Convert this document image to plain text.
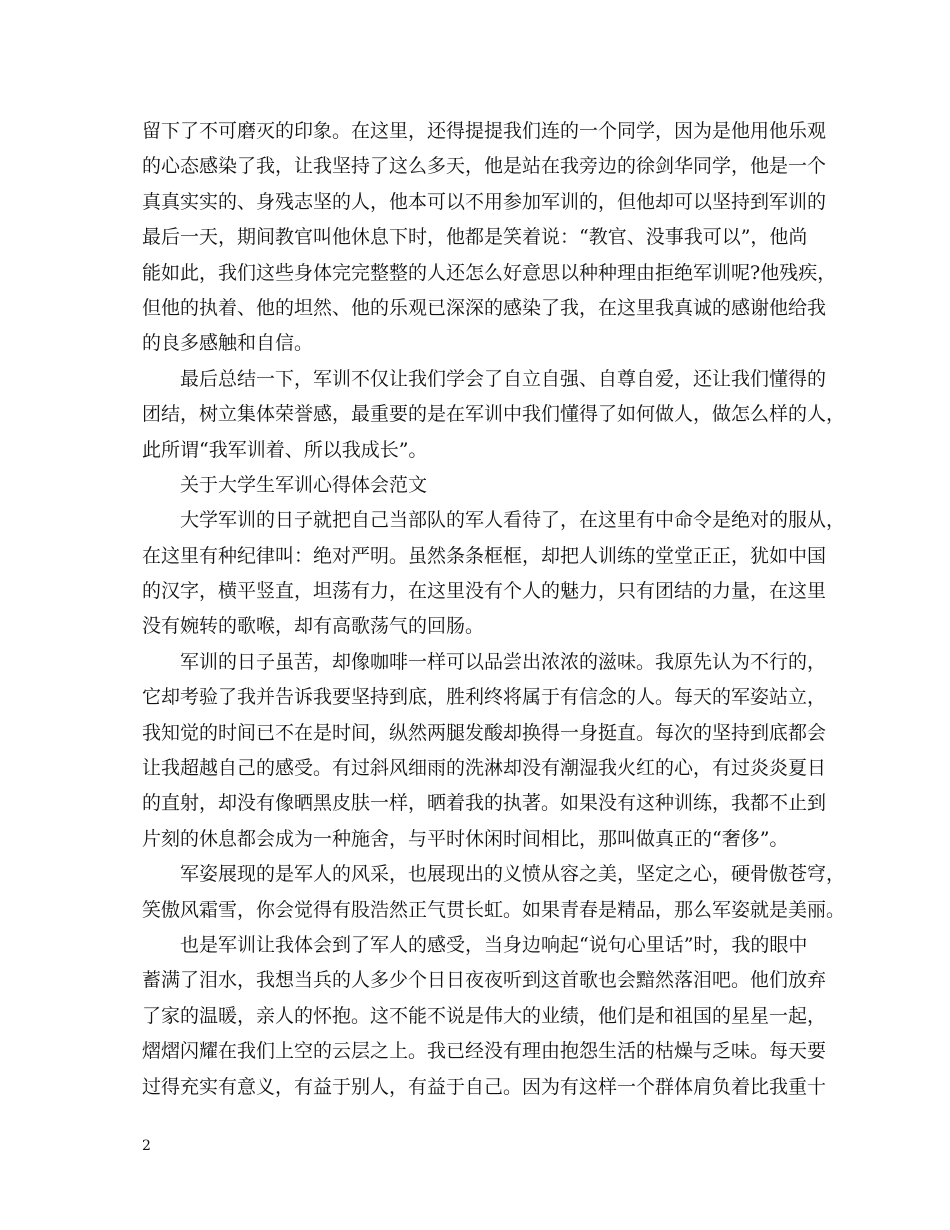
留下了不可磨灭的印象。在这里，还得提提我们连的一个同学，因为是他用他乐观
的心态感染了我，让我坚持了这么多天，他是站在我旁边的徐剑华同学，他是一个
真真实实的、身残志坚的人，他本可以不用参加军训的，但他却可以坚持到军训的
最后一天，期间教官叫他休息下时，他都是笑着说：“教官、没事我可以”，他尚
能如此，我们这些身体完完整整的人还怎么好意思以种种理由拒绝军训呢?他残疾，
但他的执着、他的坦然、他的乐观已深深的感染了我，在这里我真诚的感谢他给我
的良多感触和自信。
最后总结一下，军训不仅让我们学会了自立自强、自尊自爱，还让我们懂得的
团结，树立集体荣誉感，最重要的是在军训中我们懂得了如何做人，做怎么样的人，
此所谓“我军训着、所以我成长”。
关于大学生军训心得体会范文
大学军训的日子就把自己当部队的军人看待了，在这里有中命令是绝对的服从，
在这里有种纪律叫：绝对严明。虽然条条框框，却把人训练的堂堂正正，犹如中国
的汉字，横平竖直，坦荡有力，在这里没有个人的魅力，只有团结的力量，在这里
没有婉转的歌喉，却有高歌荡气的回肠。
军训的日子虽苦，却像咖啡一样可以品尝出浓浓的滋味。我原先认为不行的，
它却考验了我并告诉我要坚持到底，胜利终将属于有信念的人。每天的军姿站立，
我知觉的时间已不在是时间，纵然两腿发酸却换得一身挺直。每次的坚持到底都会
让我超越自己的感受。有过斜风细雨的洗淋却没有潮湿我火红的心，有过炎炎夏日
的直射，却没有像晒黑皮肤一样，晒着我的执著。如果没有这种训练，我都不止到
片刻的休息都会成为一种施舍，与平时休闲时间相比，那叫做真正的“奢侈”。
军姿展现的是军人的风采，也展现出的义愤从容之美，坚定之心，硬骨傲苍穹，
笑傲风霜雪，你会觉得有股浩然正气贯长虹。如果青春是精品，那么军姿就是美丽。
也是军训让我体会到了军人的感受，当身边响起“说句心里话”时，我的眼中
蓄满了泪水，我想当兵的人多少个日日夜夜听到这首歌也会黯然落泪吧。他们放弃
了家的温暖，亲人的怀抱。这不能不说是伟大的业绩，他们是和祖国的星星一起，
熠熠闪耀在我们上空的云层之上。我已经没有理由抱怨生活的枯燥与乏味。每天要
过得充实有意义，有益于别人，有益于自己。因为有这样一个群体肩负着比我重十
2
